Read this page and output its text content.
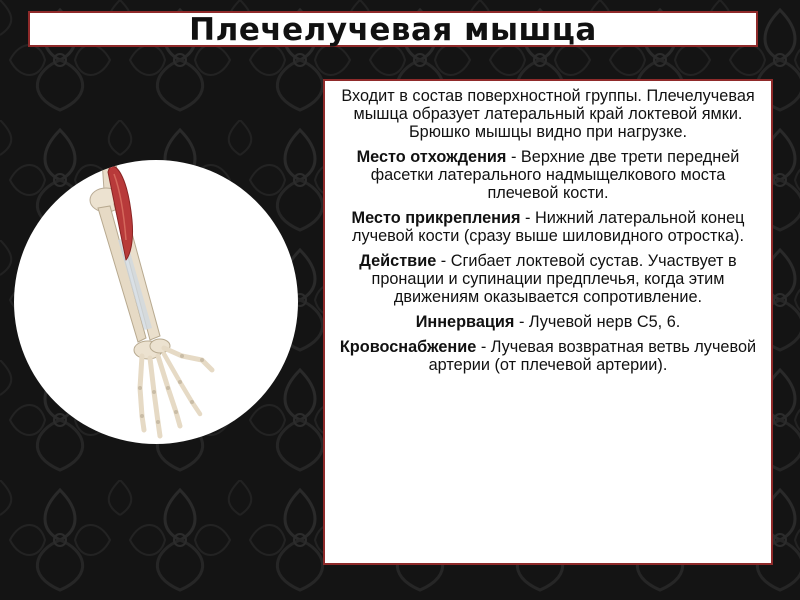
Плечелучевая мышца

Входит в состав поверхностной группы. Плечелучевая мышца образует латеральный край локтевой ямки. Брюшко мышцы видно при нагрузке.

Место отхождения - Верхние две трети передней фасетки латерального надмыщелкового моста плечевой кости.

Место прикрепления - Нижний латеральной конец лучевой кости (сразу выше шиловидного отростка).

Действие - Сгибает локтевой сустав. Участвует в пронации и супинации предплечья, когда этим движениям оказывается сопротивление.

Иннервация - Лучевой нерв С5, 6.

Кровоснабжение - Лучевая возвратная ветвь лучевой артерии (от плечевой артерии).
